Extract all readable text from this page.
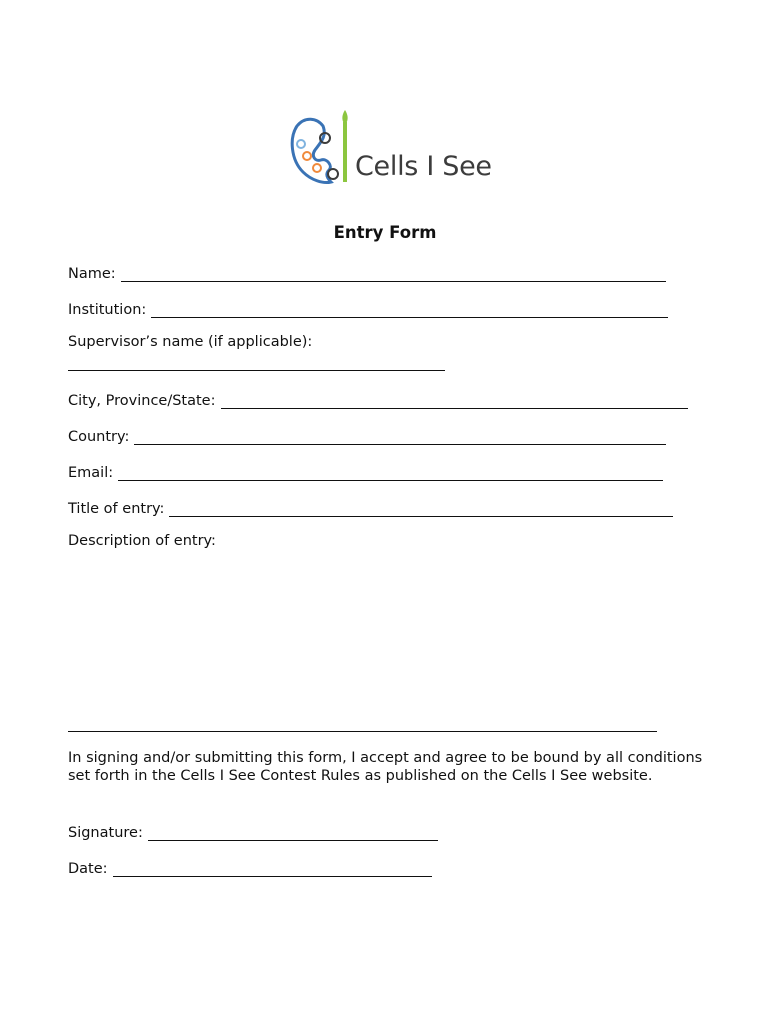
Cells I See
Entry Form
Name:
Institution:
Supervisor’s name (if applicable):
City, Province/State:
Country:
Email:
Title of entry:
Description of entry:
In signing and/or submitting this form, I accept and agree to be bound by all conditions set forth in the Cells I See Contest Rules as published on the Cells I See website.
Signature:
Date:
